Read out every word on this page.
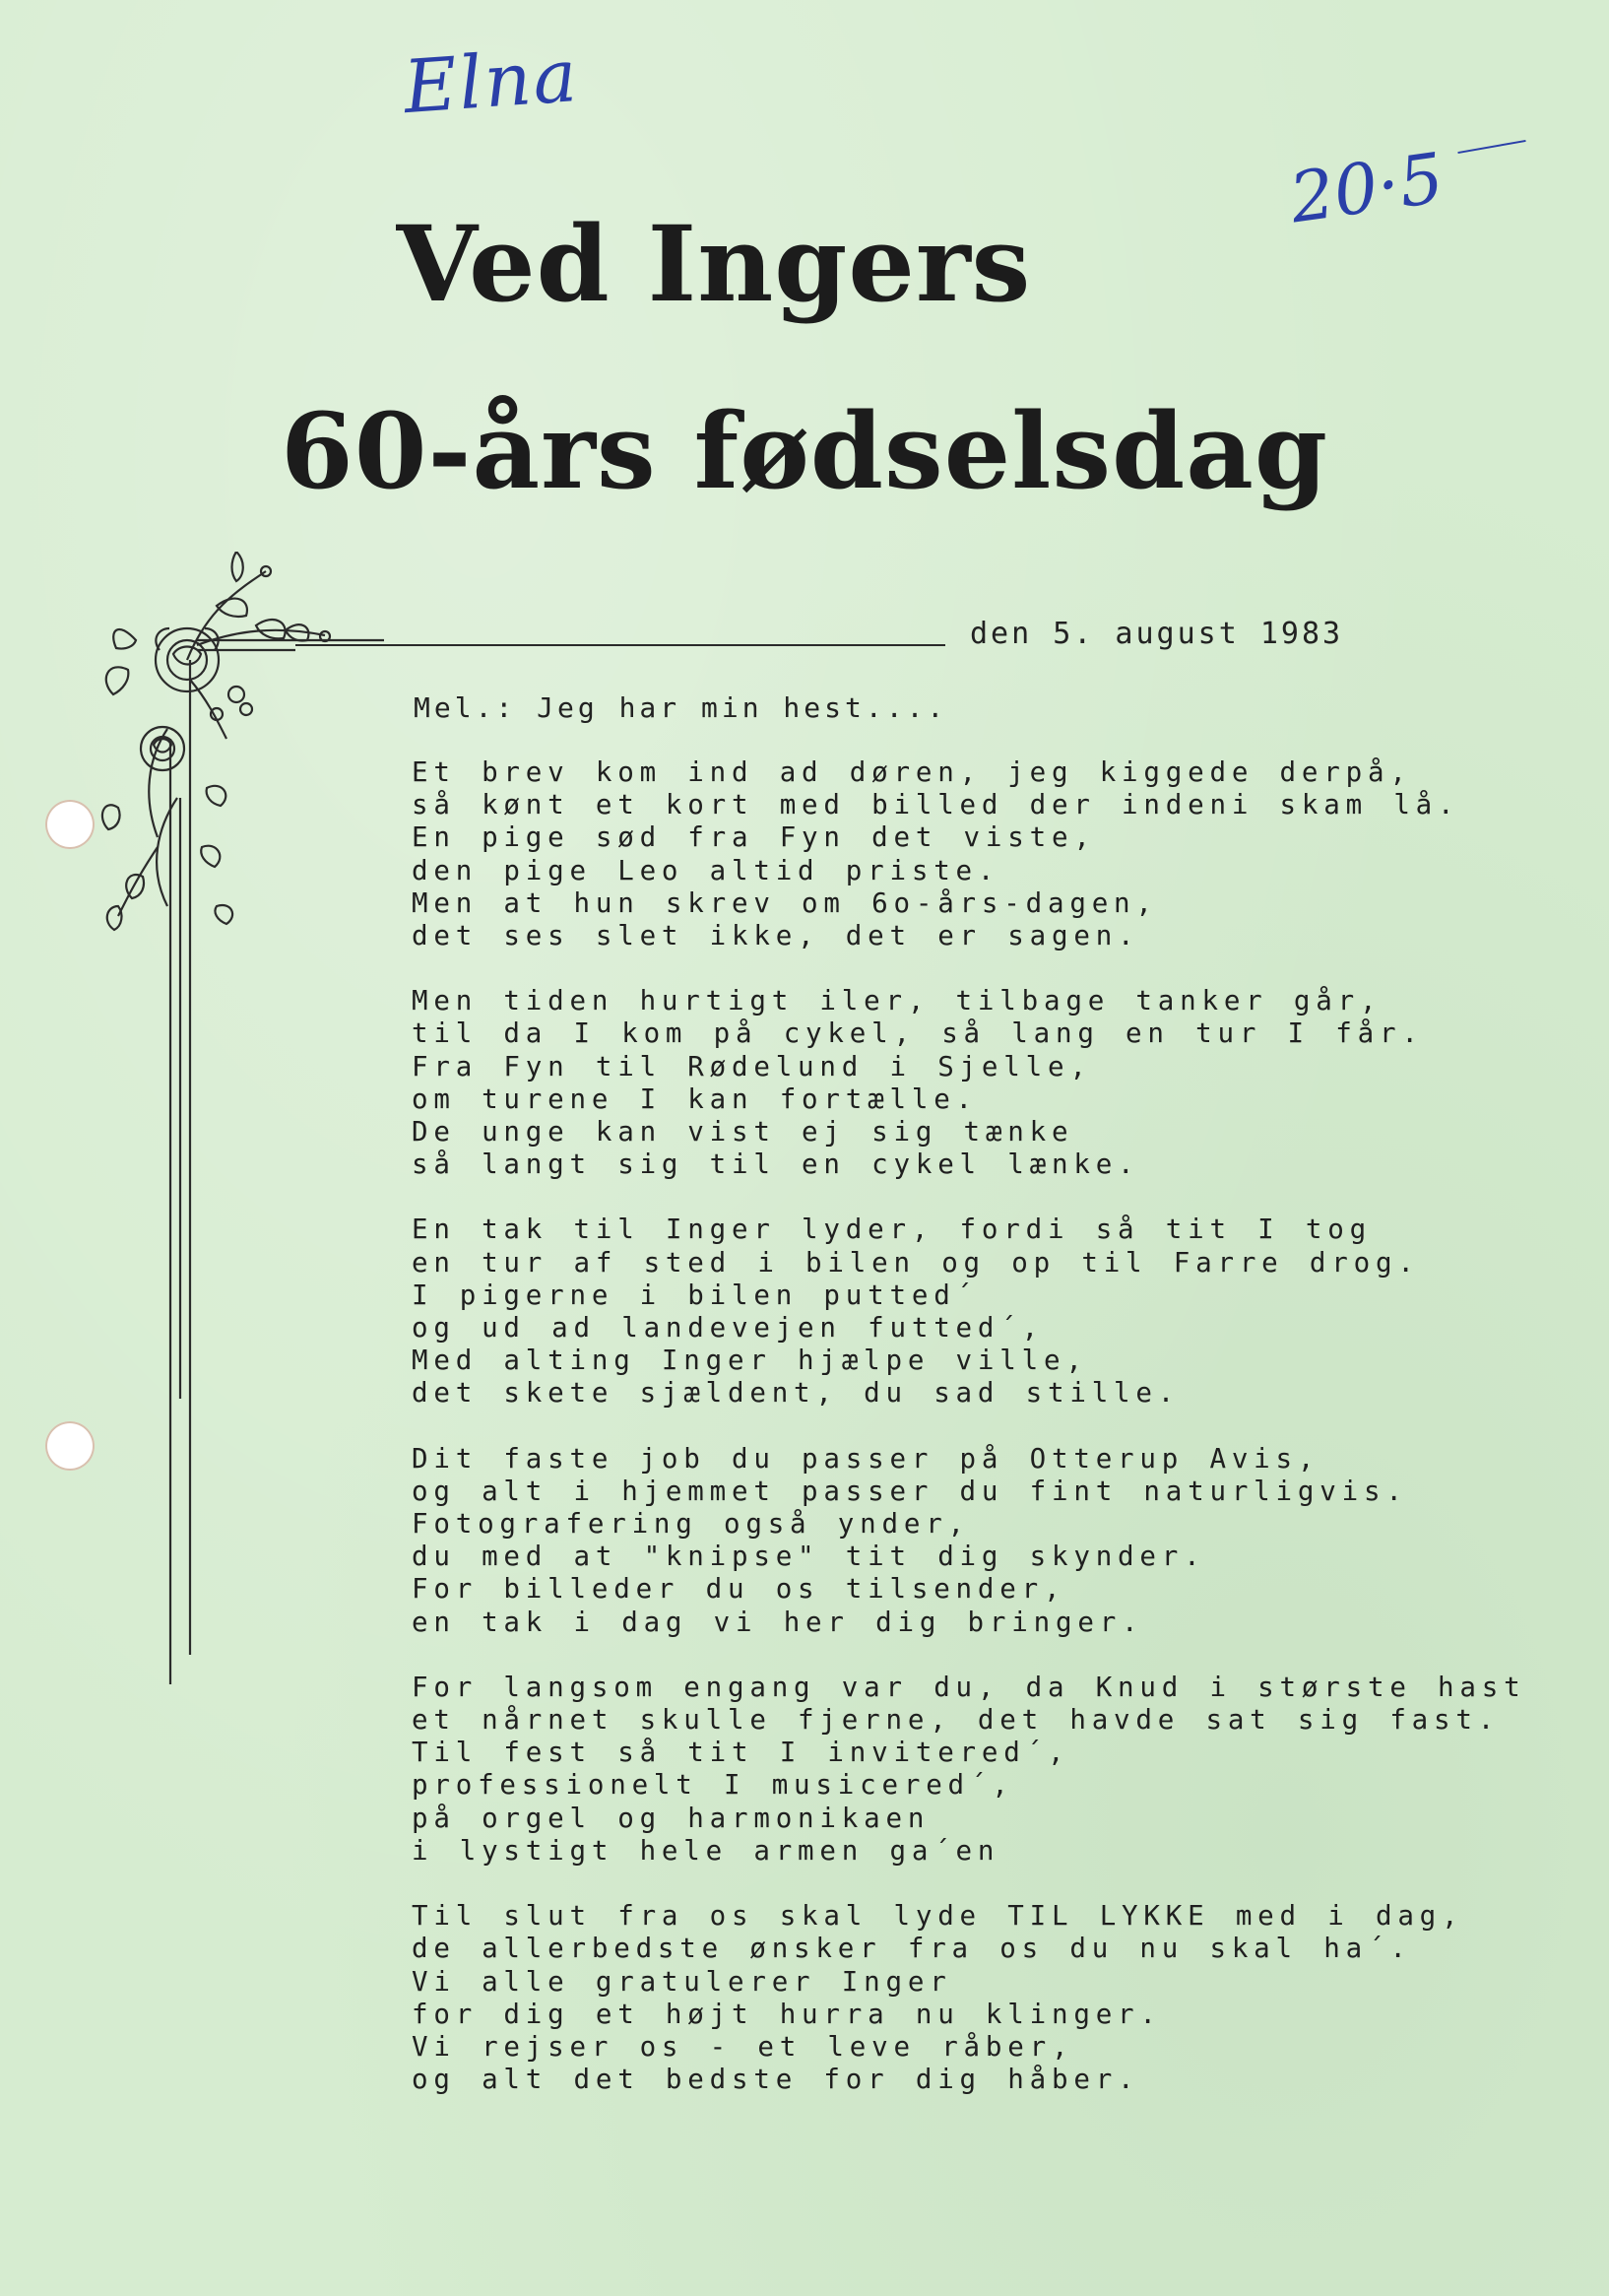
Elna
20·5
Ved Ingers
60-års fødselsdag
den 5. august 1983
Mel.: Jeg har min hest....
Et brev kom ind ad døren, jeg kiggede derpå,
så kønt et kort med billed der indeni skam lå.
En pige sød fra Fyn det viste,
den pige Leo altid priste.
Men at hun skrev om 6o-års-dagen,
det ses slet ikke, det er sagen.
Men tiden hurtigt iler, tilbage tanker går,
til da I kom på cykel, så lang en tur I får.
Fra Fyn til Rødelund i Sjelle,
om turene I kan fortælle.
De unge kan vist ej sig tænke
så langt sig til en cykel lænke.
En tak til Inger lyder, fordi så tit I tog
en tur af sted i bilen og op til Farre drog.
I pigerne i bilen putted´
og ud ad landevejen futted´,
Med alting Inger hjælpe ville,
det skete sjældent, du sad stille.
Dit faste job du passer på Otterup Avis,
og alt i hjemmet passer du fint naturligvis.
Fotografering også ynder,
du med at "knipse" tit dig skynder.
For billeder du os tilsender,
en tak i dag vi her dig bringer.
For langsom engang var du, da Knud i største hast
et nårnet skulle fjerne, det havde sat sig fast.
Til fest så tit I invitered´,
professionelt I musicered´,
på orgel og harmonikaen
i lystigt hele armen ga´en
Til slut fra os skal lyde TIL LYKKE med i dag,
de allerbedste ønsker fra os du nu skal ha´.
Vi alle gratulerer Inger
for dig et højt hurra nu klinger.
Vi rejser os - et leve råber,
og alt det bedste for dig håber.
